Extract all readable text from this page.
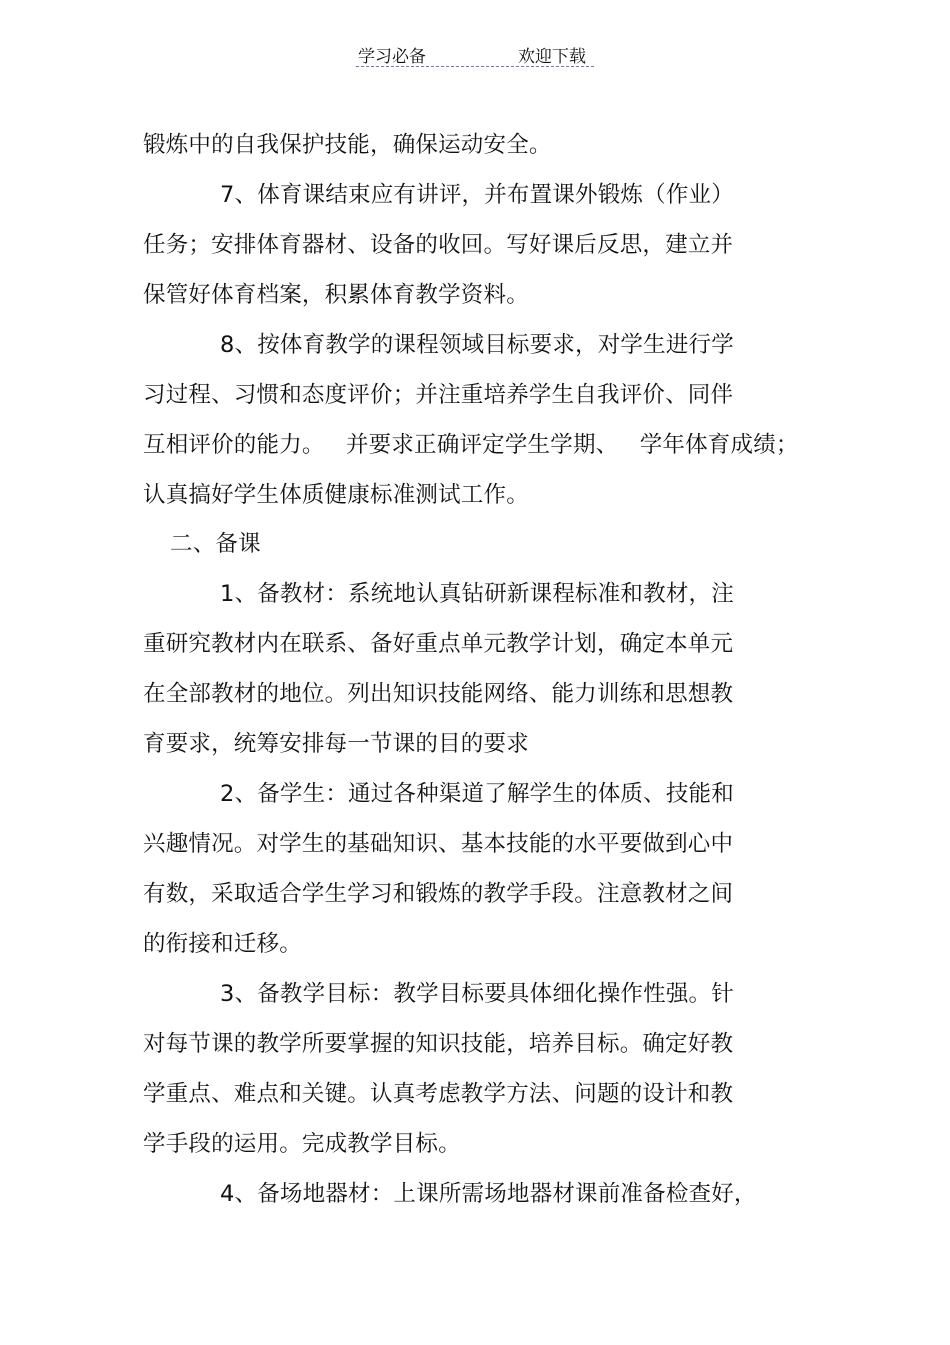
学习必备	欢迎下载
锻炼中的自我保护技能，确保运动安全。
7、体育课结束应有讲评，并布置课外锻炼（作业）
任务；安排体育器材、设备的收回。写好课后反思，建立并
保管好体育档案，积累体育教学资料。
8、按体育教学的课程领域目标要求，对学生进行学
习过程、习惯和态度评价；并注重培养学生自我评价、同伴
互相评价的能力。 并要求正确评定学生学期、 学年体育成绩；
认真搞好学生体质健康标准测试工作。
二、备课
1、备教材：系统地认真钻研新课程标准和教材，注
重研究教材内在联系、备好重点单元教学计划，确定本单元
在全部教材的地位。列出知识技能网络、能力训练和思想教
育要求，统筹安排每一节课的目的要求
2、备学生：通过各种渠道了解学生的体质、技能和
兴趣情况。对学生的基础知识、基本技能的水平要做到心中
有数，采取适合学生学习和锻炼的教学手段。注意教材之间
的衔接和迁移。
3、备教学目标：教学目标要具体细化操作性强。针
对每节课的教学所要掌握的知识技能，培养目标。确定好教
学重点、难点和关键。认真考虑教学方法、问题的设计和教
学手段的运用。完成教学目标。
4、备场地器材：上课所需场地器材课前准备检查好，
